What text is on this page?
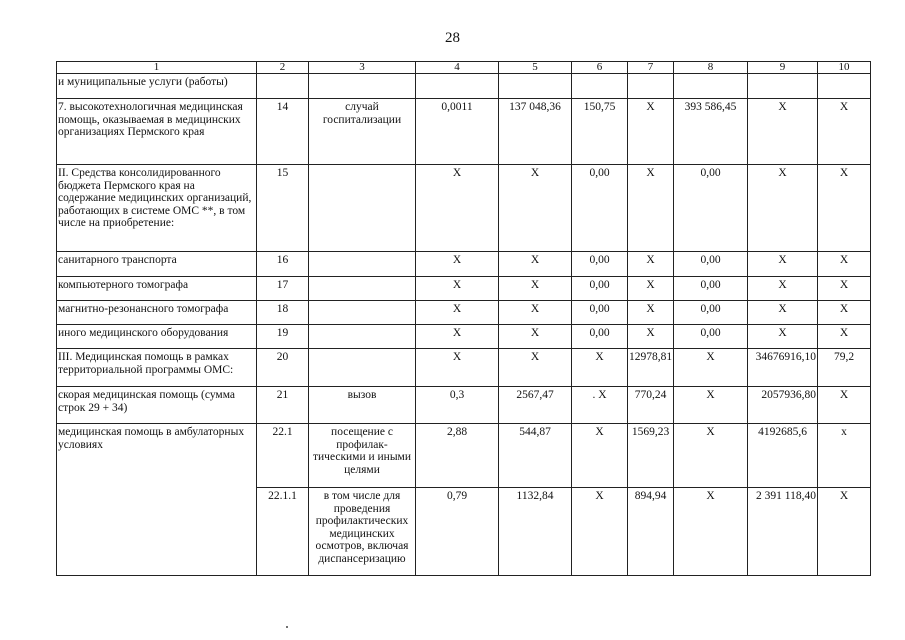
28
1	2	3	4	5	6	7	8	9	10
и муниципальные услуги (работы)									
7. высокотехнологичная медицинская помощь, оказываемая в медицинских организациях Пермского края	14	случай госпитализации	0,0011	137 048,36	150,75	X	393 586,45	X	X
II. Средства консолидированного бюджета Пермского края на содержание медицинских организаций, работающих в системе ОМС **, в том числе на приобретение:	15		X	X	0,00	X	0,00	X	X
санитарного транспорта	16		X	X	0,00	X	0,00	X	X
компьютерного томографа	17		X	X	0,00	X	0,00	X	X
магнитно-резонансного томографа	18		X	X	0,00	X	0,00	X	X
иного медицинского оборудования	19		X	X	0,00	X	0,00	X	X
III. Медицинская помощь в рамках территориальной программы ОМС:	20		X	X	X	12978,81	X	34676916,10	79,2
скорая медицинская помощь (сумма строк 29 + 34)	21	вызов	0,3	2567,47	. X	770,24	X	2057936,80	X
медицинская помощь в амбулаторных условиях	22.1	посещение с профилак-тическими и иными целями	2,88	544,87	X	1569,23	X	4192685,6	x
	22.1.1	в том числе для проведения профилактических медицинских осмотров, включая диспансеризацию	0,79	1132,84	X	894,94	X	2 391 118,40	X
